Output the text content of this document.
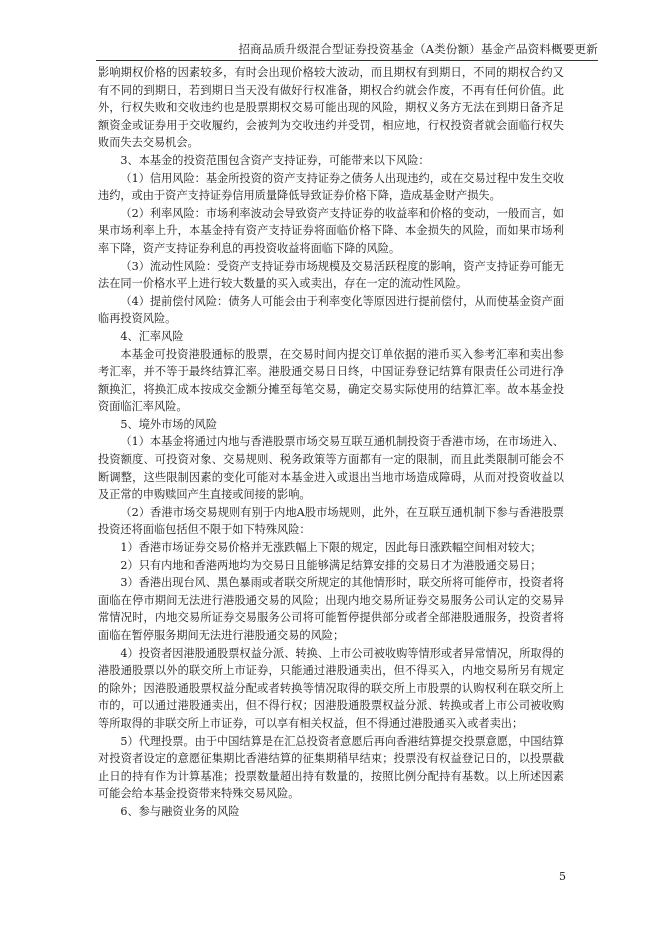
招商品质升级混合型证券投资基金（A类份额）基金产品资料概要更新

影响期权价格的因素较多，有时会出现价格较大波动，而且期权有到期日，不同的期权合约又有不同的到期日，若到期日当天没有做好行权准备，期权合约就会作废，不再有任何价值。此外，行权失败和交收违约也是股票期权交易可能出现的风险，期权义务方无法在到期日备齐足额资金或证券用于交收履约，会被判为交收违约并受罚，相应地，行权投资者就会面临行权失败而失去交易机会。

3、本基金的投资范围包含资产支持证券，可能带来以下风险：

（1）信用风险：基金所投资的资产支持证券之债务人出现违约，或在交易过程中发生交收违约，或由于资产支持证券信用质量降低导致证券价格下降，造成基金财产损失。

（2）利率风险：市场利率波动会导致资产支持证券的收益率和价格的变动，一般而言，如果市场利率上升，本基金持有资产支持证券将面临价格下降、本金损失的风险，而如果市场利率下降，资产支持证券利息的再投资收益将面临下降的风险。

（3）流动性风险：受资产支持证券市场规模及交易活跃程度的影响，资产支持证券可能无法在同一价格水平上进行较大数量的买入或卖出，存在一定的流动性风险。

（4）提前偿付风险：债务人可能会由于利率变化等原因进行提前偿付，从而使基金资产面临再投资风险。

4、汇率风险

本基金可投资港股通标的股票，在交易时间内提交订单依据的港币买入参考汇率和卖出参考汇率，并不等于最终结算汇率。港股通交易日日终，中国证券登记结算有限责任公司进行净额换汇，将换汇成本按成交金额分摊至每笔交易，确定交易实际使用的结算汇率。故本基金投资面临汇率风险。

5、境外市场的风险

（1）本基金将通过内地与香港股票市场交易互联互通机制投资于香港市场，在市场进入、投资额度、可投资对象、交易规则、税务政策等方面都有一定的限制，而且此类限制可能会不断调整，这些限制因素的变化可能对本基金进入或退出当地市场造成障碍，从而对投资收益以及正常的申购赎回产生直接或间接的影响。

（2）香港市场交易规则有别于内地A股市场规则，此外，在互联互通机制下参与香港股票投资还将面临包括但不限于如下特殊风险：

1）香港市场证券交易价格并无涨跌幅上下限的规定，因此每日涨跌幅空间相对较大；

2）只有内地和香港两地均为交易日且能够满足结算安排的交易日才为港股通交易日；

3）香港出现台风、黑色暴雨或者联交所规定的其他情形时，联交所将可能停市，投资者将面临在停市期间无法进行港股通交易的风险；出现内地交易所证券交易服务公司认定的交易异常情况时，内地交易所证券交易服务公司将可能暂停提供部分或者全部港股通服务，投资者将面临在暂停服务期间无法进行港股通交易的风险；

4）投资者因港股通股票权益分派、转换、上市公司被收购等情形或者异常情况，所取得的港股通股票以外的联交所上市证券，只能通过港股通卖出，但不得买入，内地交易所另有规定的除外；因港股通股票权益分配或者转换等情况取得的联交所上市股票的认购权利在联交所上市的，可以通过港股通卖出，但不得行权；因港股通股票权益分派、转换或者上市公司被收购等所取得的非联交所上市证券，可以享有相关权益，但不得通过港股通买入或者卖出；

5）代理投票。由于中国结算是在汇总投资者意愿后再向香港结算提交投票意愿，中国结算对投资者设定的意愿征集期比香港结算的征集期稍早结束；投票没有权益登记日的，以投票截止日的持有作为计算基准；投票数量超出持有数量的，按照比例分配持有基数。以上所述因素可能会给本基金投资带来特殊交易风险。

6、参与融资业务的风险

5
